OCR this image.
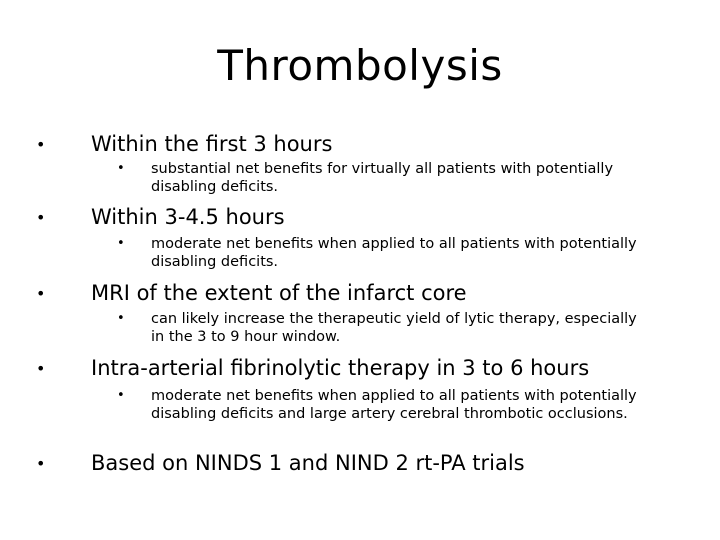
Thrombolysis
• Within the first 3 hours
• substantial net benefits for virtually all patients with potentially disabling deficits.
• Within 3-4.5 hours
• moderate net benefits when applied to all patients with potentially disabling deficits.
• MRI of the extent of the infarct core
• can likely increase the therapeutic yield of lytic therapy, especially in the 3 to 9 hour window.
• Intra-arterial fibrinolytic therapy in 3 to 6 hours
• moderate net benefits when applied to all patients with potentially disabling deficits and large artery cerebral thrombotic occlusions.
• Based on NINDS 1 and NIND 2 rt-PA trials
